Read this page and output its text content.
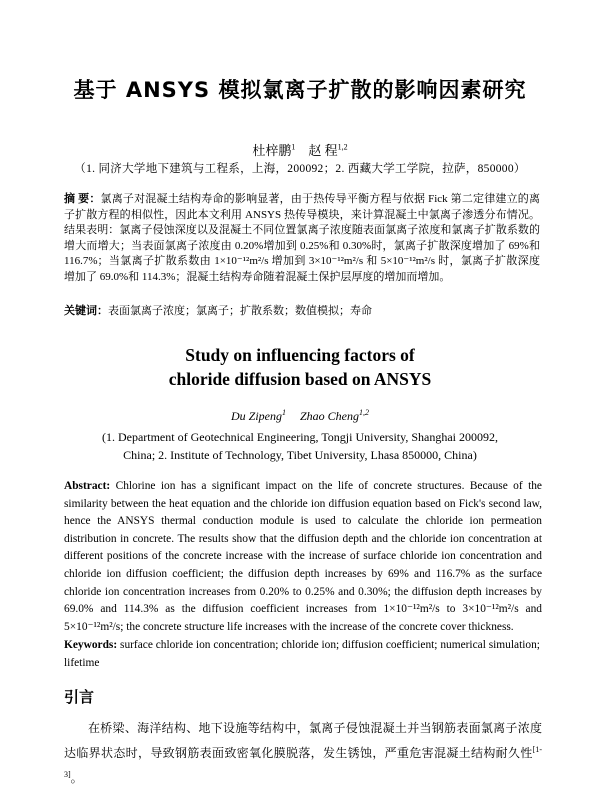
基于 ANSYS 模拟氯离子扩散的影响因素研究

杜梓鹏$^1$ 赵 程$^{1,2}$

（1. 同济大学地下建筑与工程系，上海，200092；2. 西藏大学工学院，拉萨，850000）

摘 要：氯离子对混凝土结构寿命的影响显著，由于热传导平衡方程与依据 Fick 第二定律建立的离子扩散方程的相似性，因此本文利用 ANSYS 热传导模块，来计算混凝土中氯离子渗透分布情况。结果表明：氯离子侵蚀深度以及混凝土不同位置氯离子浓度随表面氯离子浓度和氯离子扩散系数的增大而增大；当表面氯离子浓度由 0.20%增加到 0.25%和 0.30%时，氯离子扩散深度增加了 69%和 116.7%；当氯离子扩散系数由 1×10⁻¹²m²/s 增加到 3×10⁻¹²m²/s 和 5×10⁻¹²m²/s 时，氯离子扩散深度增加了 69.0%和 114.3%；混凝土结构寿命随着混凝土保护层厚度的增加而增加。

关键词：表面氯离子浓度；氯离子；扩散系数；数值模拟；寿命

Study on influencing factors of
chloride diffusion based on ANSYS

Du Zipeng$^1$ Zhao Cheng$^{1,2}$

(1. Department of Geotechnical Engineering, Tongji University, Shanghai 200092,
China; 2. Institute of Technology, Tibet University, Lhasa 850000, China)

Abstract: Chlorine ion has a significant impact on the life of concrete structures. Because of the similarity between the heat equation and the chloride ion diffusion equation based on Fick's second law, hence the ANSYS thermal conduction module is used to calculate the chloride ion permeation distribution in concrete. The results show that the diffusion depth and the chloride ion concentration at different positions of the concrete increase with the increase of surface chloride ion concentration and chloride ion diffusion coefficient; the diffusion depth increases by 69% and 116.7% as the surface chloride ion concentration increases from 0.20% to 0.25% and 0.30%; the diffusion depth increases by 69.0% and 114.3% as the diffusion coefficient increases from 1×10⁻¹²m²/s to 3×10⁻¹²m²/s and 5×10⁻¹²m²/s; the concrete structure life increases with the increase of the concrete cover thickness.

Keywords: surface chloride ion concentration; chloride ion; diffusion coefficient; numerical simulation; lifetime

引言

在桥梁、海洋结构、地下设施等结构中，氯离子侵蚀混凝土并当钢筋表面氯离子浓度达临界状态时，导致钢筋表面致密氧化膜脱落，发生锈蚀，严重危害混凝土结构耐久性[1-3]。
